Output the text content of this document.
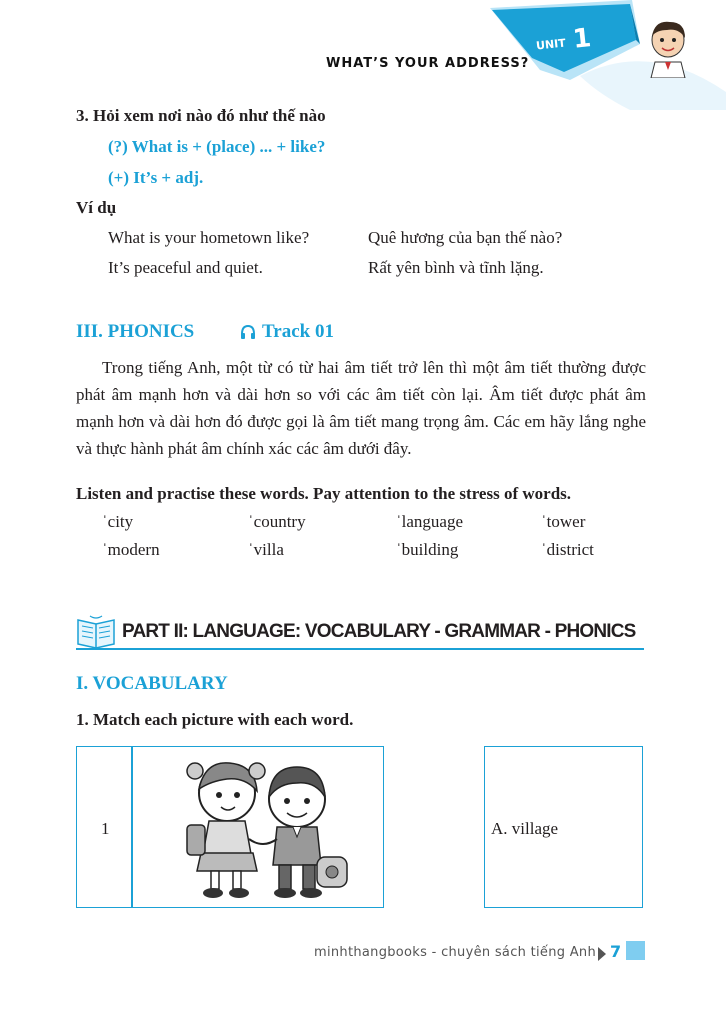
WHAT’S YOUR ADDRESS?
UNIT 1
3. Hỏi xem nơi nào đó như thế nào
(?) What is + (place) ... + like?
(+) It’s + adj.
Ví dụ
What is your hometown like?	Quê hương của bạn thế nào?
It’s peaceful and quiet.	Rất yên bình và tĩnh lặng.
III. PHONICS	Track 01
Trong tiếng Anh, một từ có từ hai âm tiết trở lên thì một âm tiết thường được phát âm mạnh hơn và dài hơn so với các âm tiết còn lại. Âm tiết được phát âm mạnh hơn và dài hơn đó được gọi là âm tiết mang trọng âm. Các em hãy lắng nghe và thực hành phát âm chính xác các âm dưới đây.
Listen and practise these words. Pay attention to the stress of words.
ˈcity	ˈcountry	ˈlanguage	ˈtower
ˈmodern	ˈvilla	ˈbuilding	ˈdistrict
PART II: LANGUAGE: VOCABULARY - GRAMMAR - PHONICS
I. VOCABULARY
1. Match each picture with each word.
1	A. village
minhthangbooks - chuyên sách tiếng Anh 7
